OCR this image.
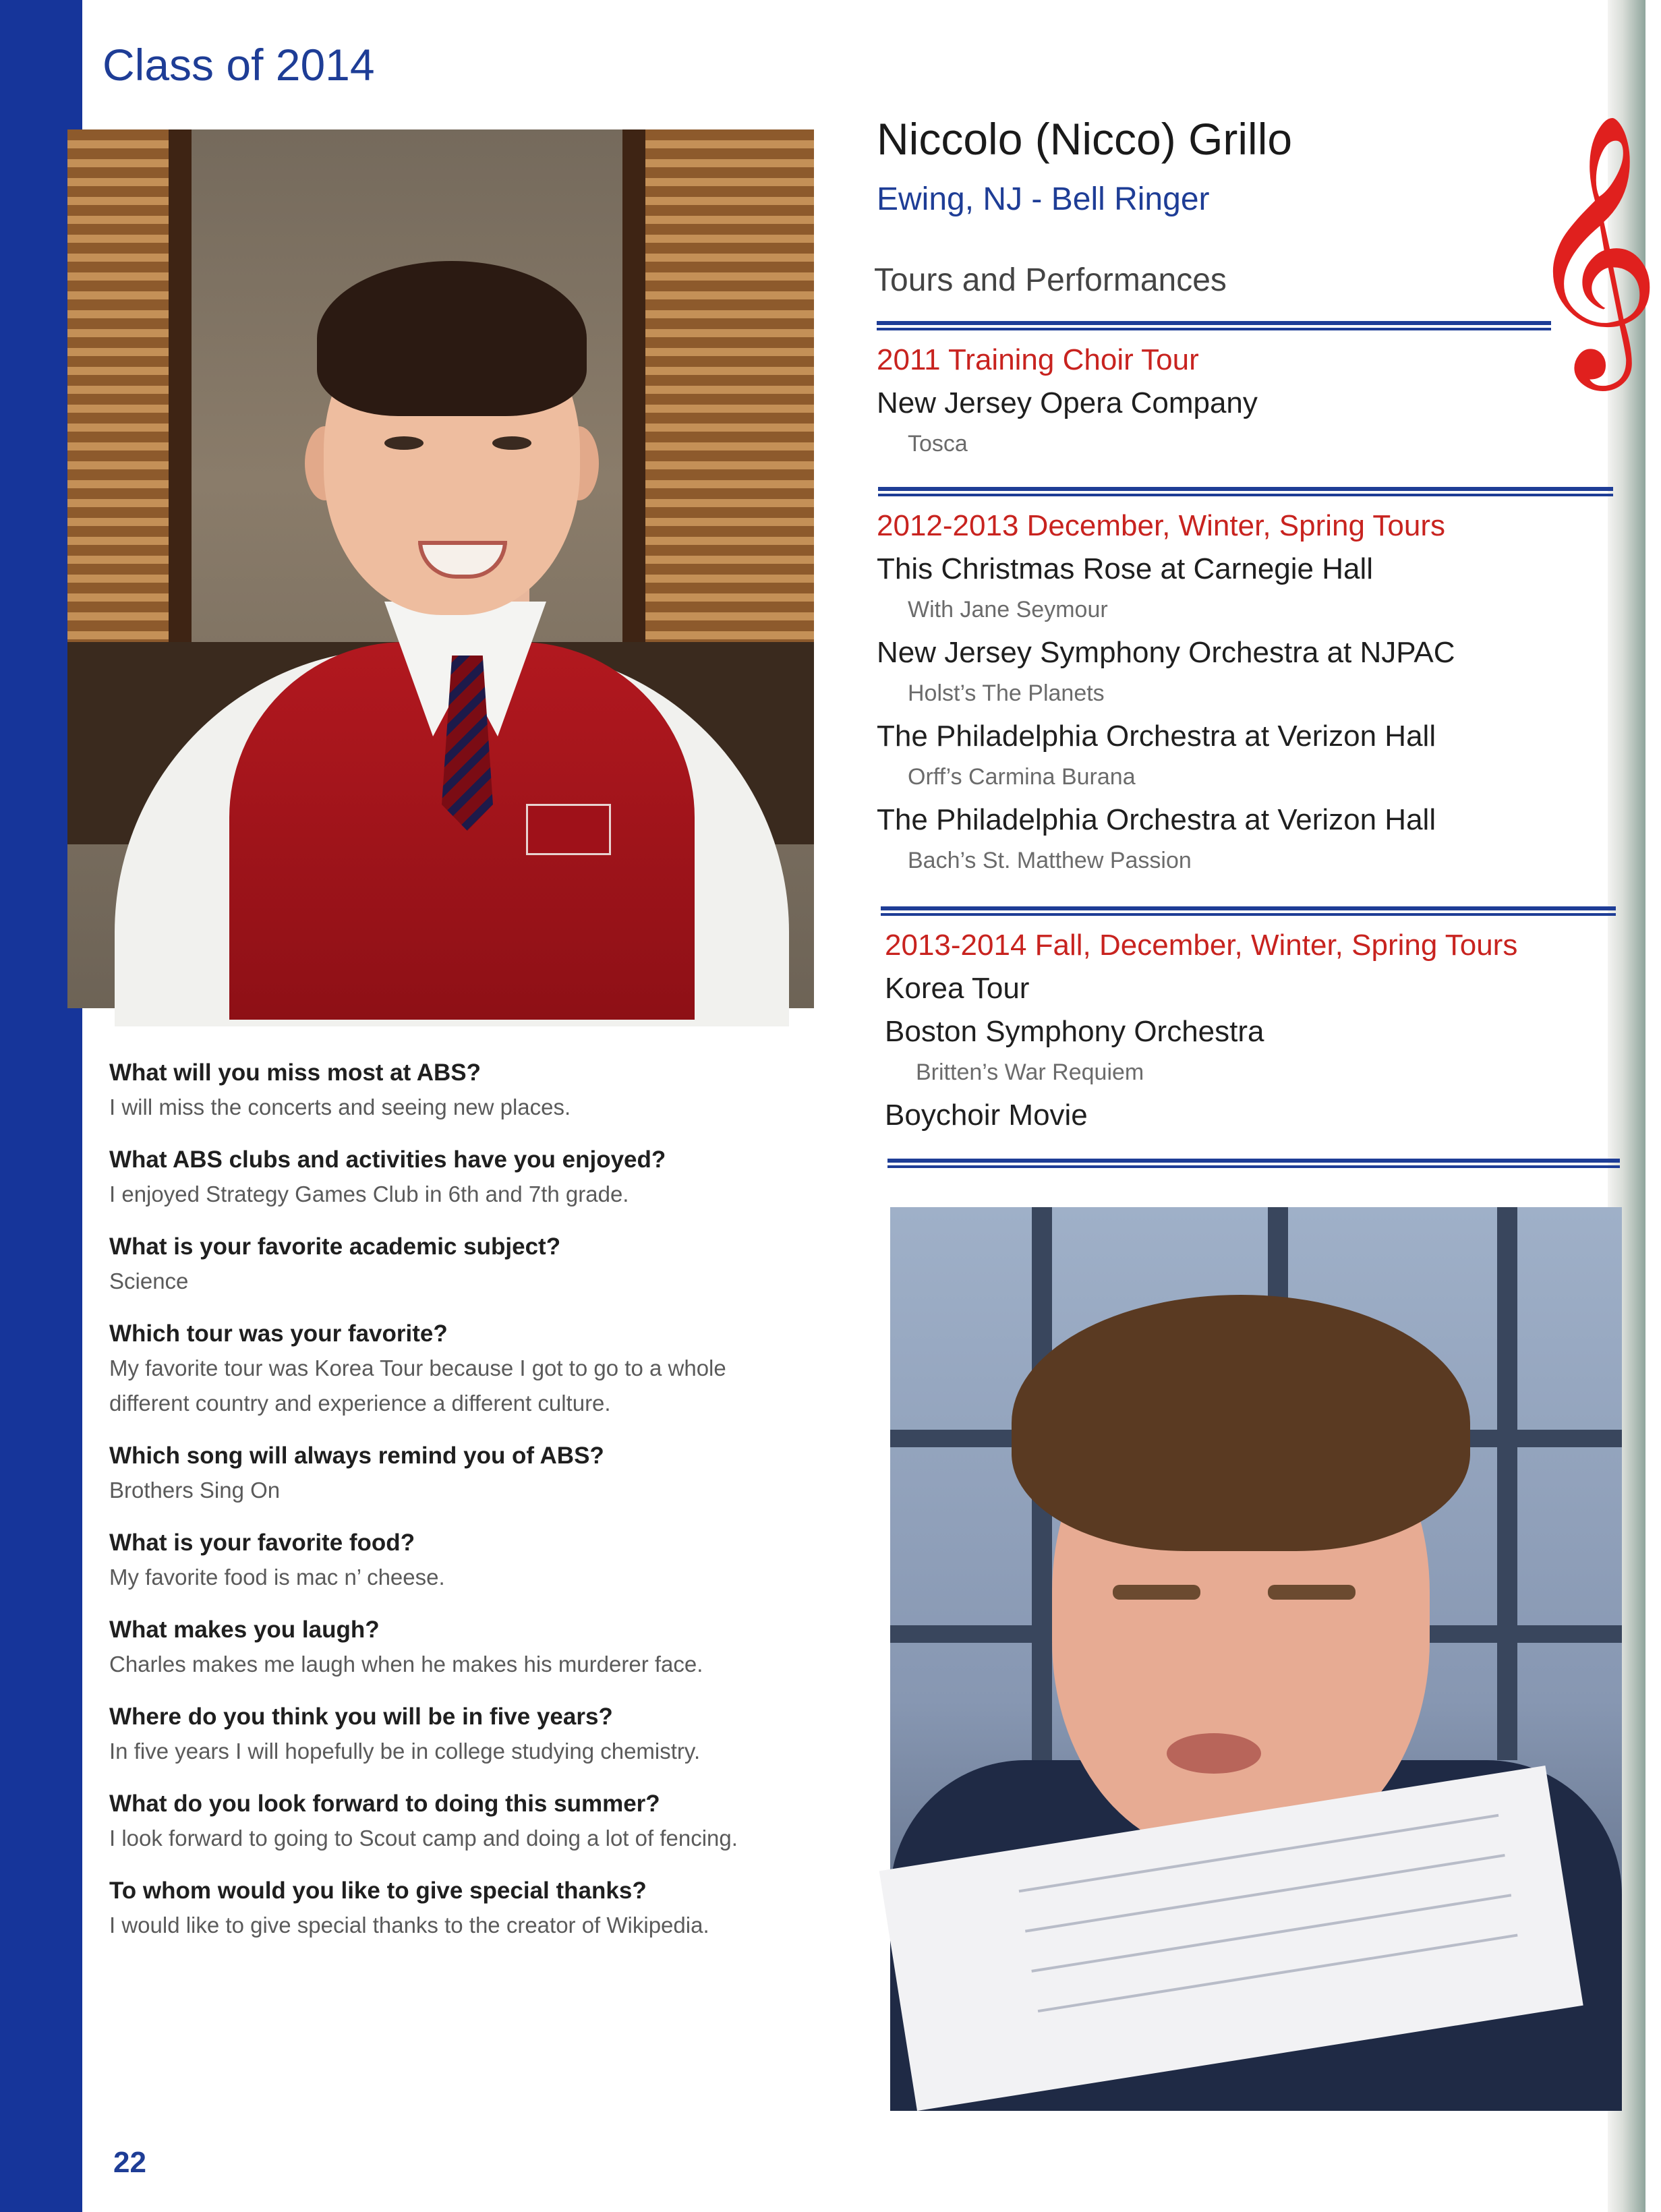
Class of 2014
Niccolo (Nicco) Grillo
Ewing, NJ - Bell Ringer
Tours and Performances 𝄞
2011 Training Choir Tour
New Jersey Opera Company
Tosca
2012-2013 December, Winter, Spring Tours
This Christmas Rose at Carnegie Hall
With Jane Seymour
New Jersey Symphony Orchestra at NJPAC
Holst’s The Planets
The Philadelphia Orchestra at Verizon Hall
Orff’s Carmina Burana
The Philadelphia Orchestra at Verizon Hall
Bach’s St. Matthew Passion
2013-2014 Fall, December, Winter, Spring Tours
Korea Tour
Boston Symphony Orchestra
Britten’s War Requiem
Boychoir Movie
What will you miss most at ABS?
I will miss the concerts and seeing new places.
What ABS clubs and activities have you enjoyed?
I enjoyed Strategy Games Club in 6th and 7th grade.
What is your favorite academic subject?
Science
Which tour was your favorite?
My favorite tour was Korea Tour because I got to go to a whole different country and experience a different culture.
Which song will always remind you of ABS?
Brothers Sing On
What is your favorite food?
My favorite food is mac n’ cheese.
What makes you laugh?
Charles makes me laugh when he makes his murderer face.
Where do you think you will be in five years?
In five years I will hopefully be in college studying chemistry.
What do you look forward to doing this summer?
I look forward to going to Scout camp and doing a lot of fencing.
To whom would you like to give special thanks?
I would like to give special thanks to the creator of Wikipedia.
22
